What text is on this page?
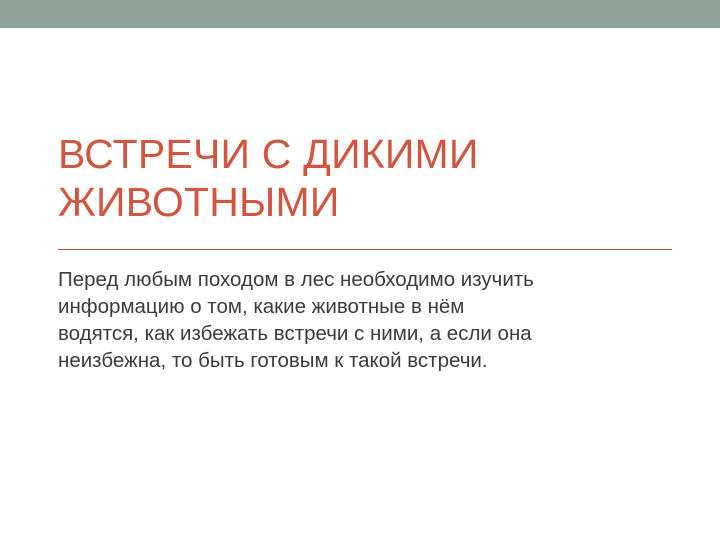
ВСТРЕЧИ С ДИКИМИ ЖИВОТНЫМИ

Перед любым походом в лес необходимо изучить информацию о том, какие животные в нём водятся, как избежать встречи с ними, а если она неизбежна, то быть готовым к такой встречи.
